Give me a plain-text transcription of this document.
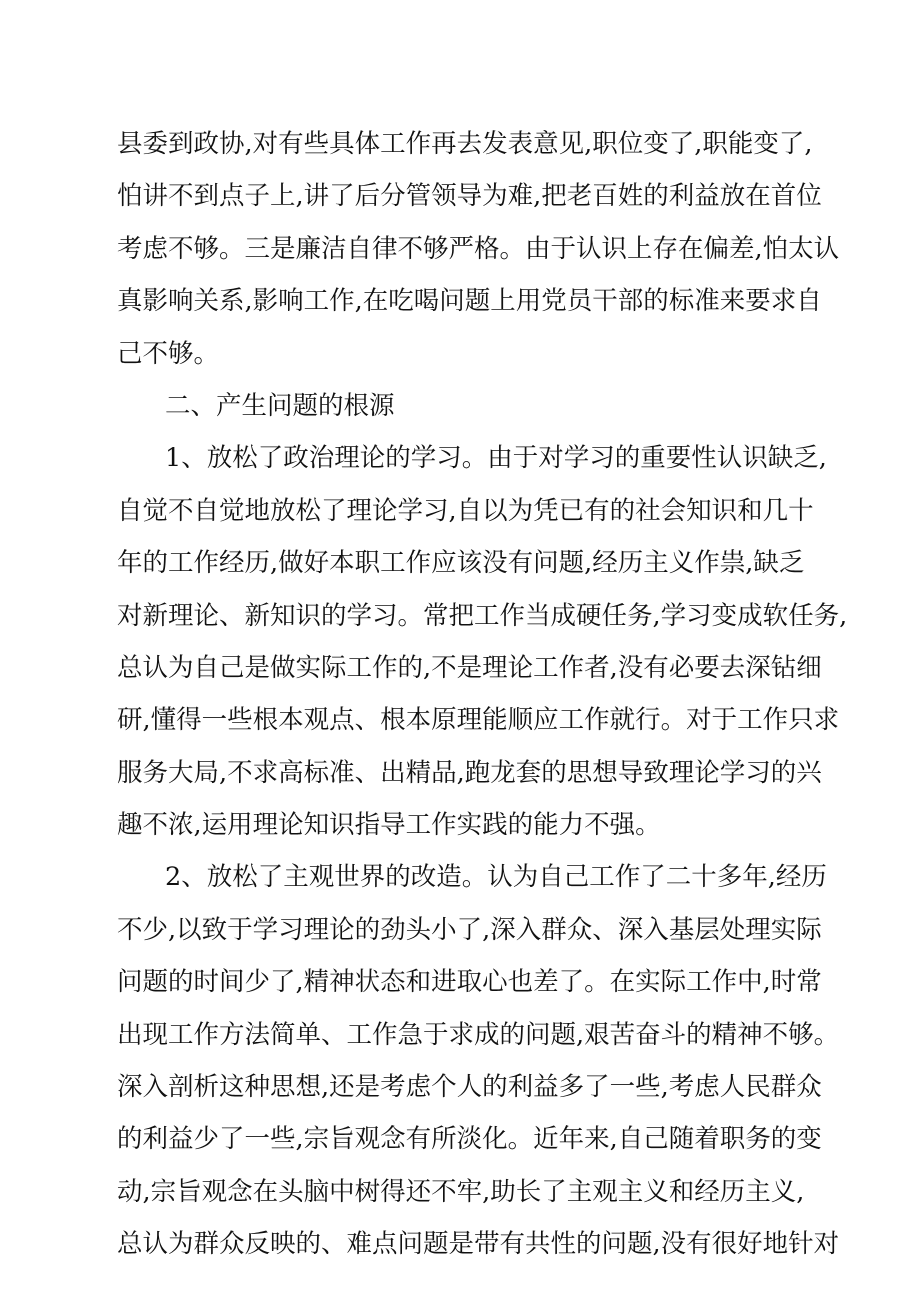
县委到政协,对有些具体工作再去发表意见,职位变了,职能变了,
怕讲不到点子上,讲了后分管领导为难,把老百姓的利益放在首位
考虑不够。三是廉洁自律不够严格。由于认识上存在偏差,怕太认
真影响关系,影响工作,在吃喝问题上用党员干部的标准来要求自
己不够。
二、产生问题的根源
1、放松了政治理论的学习。由于对学习的重要性认识缺乏,
自觉不自觉地放松了理论学习,自以为凭已有的社会知识和几十
年的工作经历,做好本职工作应该没有问题,经历主义作祟,缺乏
对新理论、新知识的学习。常把工作当成硬任务,学习变成软任务,
总认为自己是做实际工作的,不是理论工作者,没有必要去深钻细
研,懂得一些根本观点、根本原理能顺应工作就行。对于工作只求
服务大局,不求高标准、出精品,跑龙套的思想导致理论学习的兴
趣不浓,运用理论知识指导工作实践的能力不强。
2、放松了主观世界的改造。认为自己工作了二十多年,经历
不少,以致于学习理论的劲头小了,深入群众、深入基层处理实际
问题的时间少了,精神状态和进取心也差了。在实际工作中,时常
出现工作方法简单、工作急于求成的问题,艰苦奋斗的精神不够。
深入剖析这种思想,还是考虑个人的利益多了一些,考虑人民群众
的利益少了一些,宗旨观念有所淡化。近年来,自己随着职务的变
动,宗旨观念在头脑中树得还不牢,助长了主观主义和经历主义,
总认为群众反映的、难点问题是带有共性的问题,没有很好地针对
